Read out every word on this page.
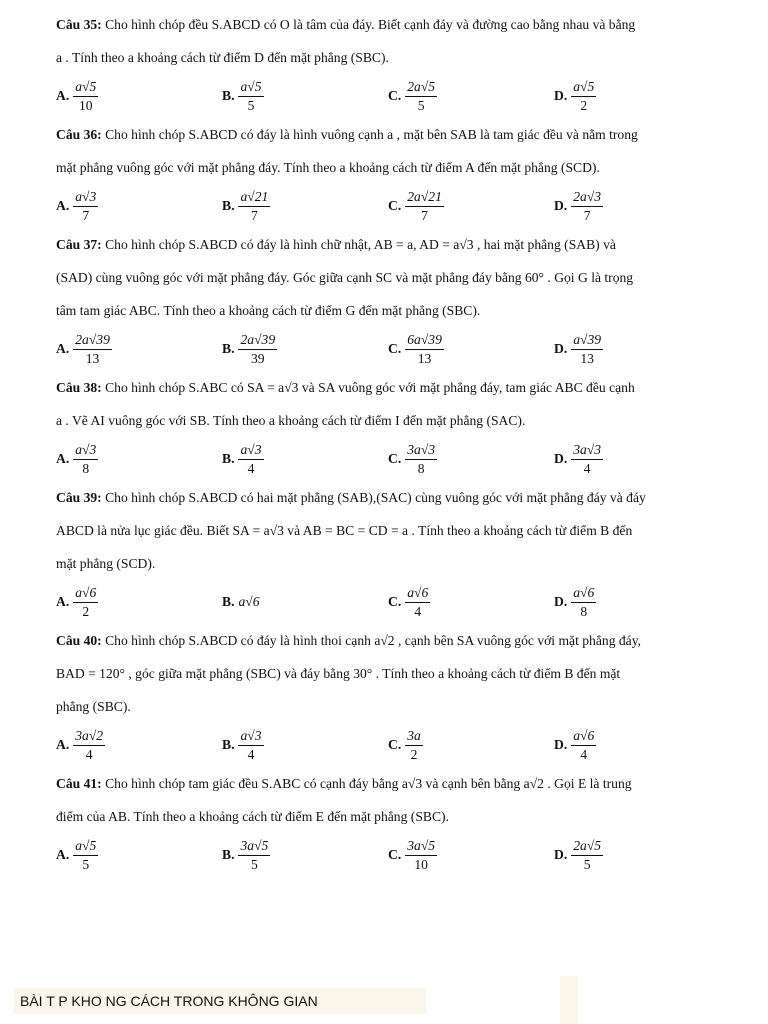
Câu 35: Cho hình chóp đều S.ABCD có O là tâm của đáy. Biết cạnh đáy và đường cao bằng nhau và bằng
a . Tính theo a khoảng cách từ điểm D đến mặt phẳng (SBC).
A. $\frac{a√5}{10}$	B. $\frac{a√5}{5}$	C. $\frac{2a√5}{5}$	D. $\frac{a√5}{2}$
Câu 36: Cho hình chóp S.ABCD có đáy là hình vuông cạnh a , mặt bên SAB là tam giác đều và nằm trong
mặt phẳng vuông góc với mặt phẳng đáy. Tính theo a khoảng cách từ điểm A đến mặt phẳng (SCD).
A. $\frac{a√3}{7}$	B. $\frac{a√21}{7}$	C. $\frac{2a√21}{7}$	D. $\frac{2a√3}{7}$
Câu 37: Cho hình chóp S.ABCD có đáy là hình chữ nhật, AB = a, AD = a√3 , hai mặt phẳng (SAB) và
(SAD) cùng vuông góc với mặt phẳng đáy. Góc giữa cạnh SC và mặt phẳng đáy bằng 60° . Gọi G là trọng
tâm tam giác ABC. Tính theo a khoảng cách từ điểm G đến mặt phẳng (SBC).
A. $\frac{2a√39}{13}$	B. $\frac{2a√39}{39}$	C. $\frac{6a√39}{13}$	D. $\frac{a√39}{13}$
Câu 38: Cho hình chóp S.ABC có SA = a√3 và SA vuông góc với mặt phẳng đáy, tam giác ABC đều cạnh
a . Vẽ AI vuông góc với SB. Tính theo a khoảng cách từ điểm I đến mặt phẳng (SAC).
A. $\frac{a√3}{8}$	B. $\frac{a√3}{4}$	C. $\frac{3a√3}{8}$	D. $\frac{3a√3}{4}$
Câu 39: Cho hình chóp S.ABCD có hai mặt phẳng (SAB),(SAC) cùng vuông góc với mặt phẳng đáy và đáy
ABCD là nửa lục giác đều. Biết SA = a√3 và AB = BC = CD = a . Tính theo a khoảng cách từ điểm B đến
mặt phẳng (SCD).
A. $\frac{a√6}{2}$	B. a√6	C. $\frac{a√6}{4}$	D. $\frac{a√6}{8}$
Câu 40: Cho hình chóp S.ABCD có đáy là hình thoi cạnh a√2 , cạnh bên SA vuông góc với mặt phẳng đáy,
BAD = 120° , góc giữa mặt phẳng (SBC) và đáy bằng 30° . Tính theo a khoảng cách từ điểm B đến mặt
phẳng (SBC).
A. $\frac{3a√2}{4}$	B. $\frac{a√3}{4}$	C. $\frac{3a}{2}$	D. $\frac{a√6}{4}$
Câu 41: Cho hình chóp tam giác đều S.ABC có cạnh đáy bằng a√3 và cạnh bên bằng a√2 . Gọi E là trung
điểm của AB. Tính theo a khoảng cách từ điểm E đến mặt phẳng (SBC).
A. $\frac{a√5}{5}$	B. $\frac{3a√5}{5}$	C. $\frac{3a√5}{10}$	D. $\frac{2a√5}{5}$
BÀI T P KHO NG CÁCH TRONG KHÔNG GIAN
